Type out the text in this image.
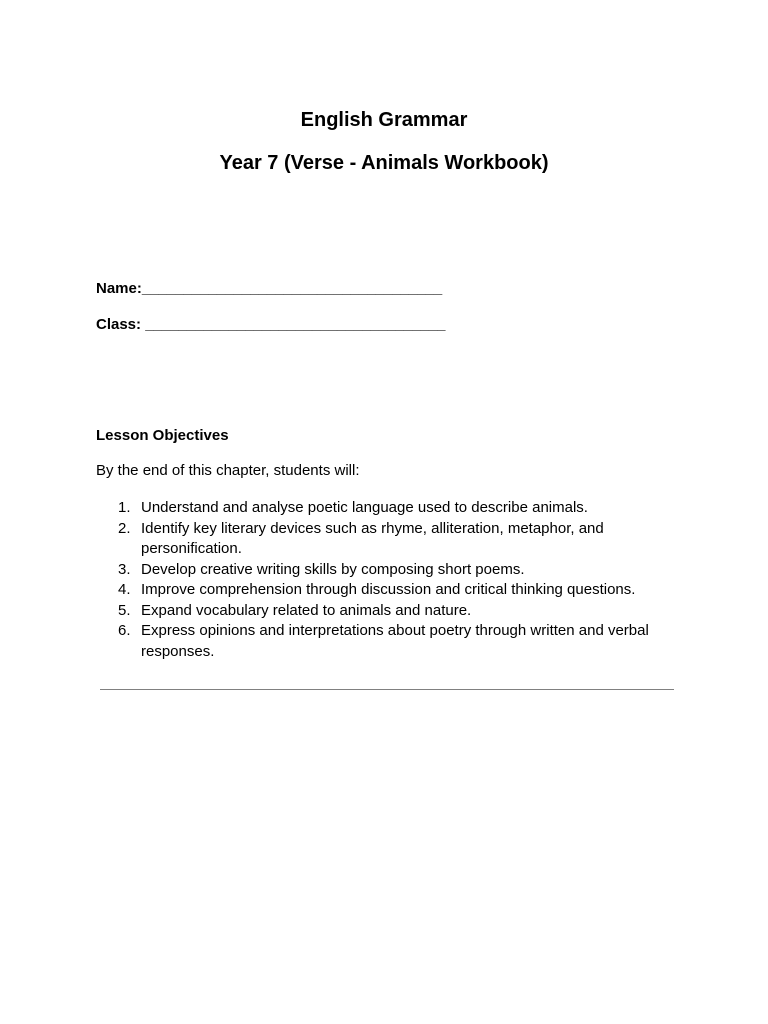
English Grammar
Year 7 (Verse - Animals Workbook)

Name:____________________________________

Class: ____________________________________

Lesson Objectives

By the end of this chapter, students will:

1. Understand and analyse poetic language used to describe animals.
2. Identify key literary devices such as rhyme, alliteration, metaphor, and personification.
3. Develop creative writing skills by composing short poems.
4. Improve comprehension through discussion and critical thinking questions.
5. Expand vocabulary related to animals and nature.
6. Express opinions and interpretations about poetry through written and verbal responses.
